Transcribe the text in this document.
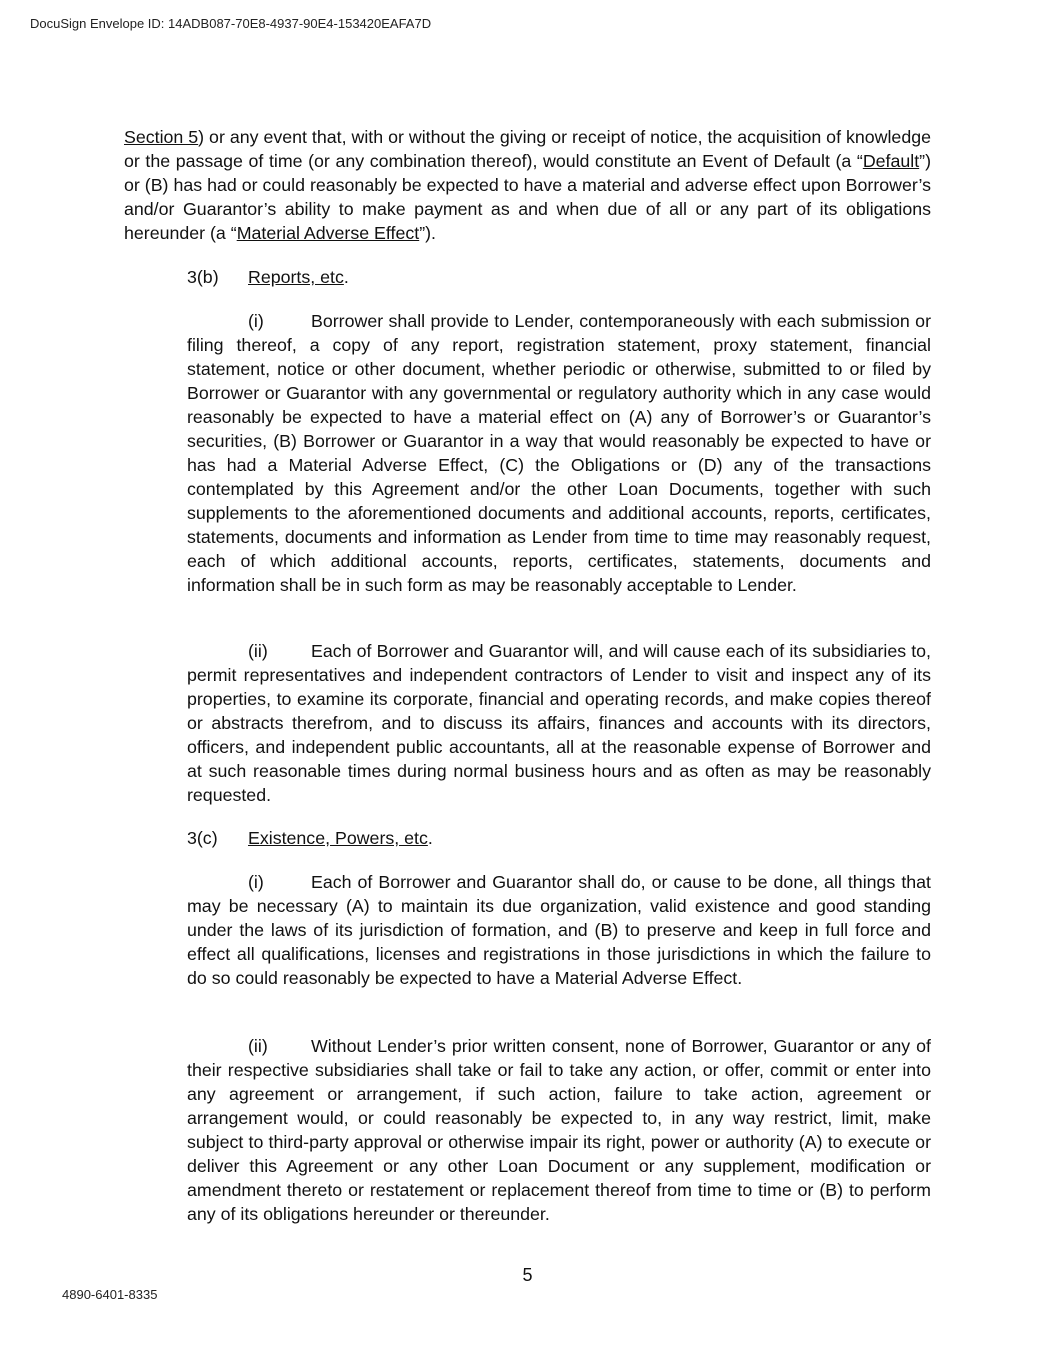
DocuSign Envelope ID: 14ADB087-70E8-4937-90E4-153420EAFA7D

Section 5) or any event that, with or without the giving or receipt of notice, the acquisition of knowledge or the passage of time (or any combination thereof), would constitute an Event of Default (a “Default”) or (B) has had or could reasonably be expected to have a material and adverse effect upon Borrower’s and/or Guarantor’s ability to make payment as and when due of all or any part of its obligations hereunder (a “Material Adverse Effect”).

3(b) Reports, etc.

(i)	Borrower shall provide to Lender, contemporaneously with each submission or filing thereof, a copy of any report, registration statement, proxy statement, financial statement, notice or other document, whether periodic or otherwise, submitted to or filed by Borrower or Guarantor with any governmental or regulatory authority which in any case would reasonably be expected to have a material effect on (A) any of Borrower’s or Guarantor’s securities, (B) Borrower or Guarantor in a way that would reasonably be expected to have or has had a Material Adverse Effect, (C) the Obligations or (D) any of the transactions contemplated by this Agreement and/or the other Loan Documents, together with such supplements to the aforementioned documents and additional accounts, reports, certificates, statements, documents and information as Lender from time to time may reasonably request, each of which additional accounts, reports, certificates, statements, documents and information shall be in such form as may be reasonably acceptable to Lender.

(ii) Each of Borrower and Guarantor will, and will cause each of its subsidiaries to, permit representatives and independent contractors of Lender to visit and inspect any of its properties, to examine its corporate, financial and operating records, and make copies thereof or abstracts therefrom, and to discuss its affairs, finances and accounts with its directors, officers, and independent public accountants, all at the reasonable expense of Borrower and at such reasonable times during normal business hours and as often as may be reasonably requested.

3(c) Existence, Powers, etc.

(i)	Each of Borrower and Guarantor shall do, or cause to be done, all things that may be necessary (A) to maintain its due organization, valid existence and good standing under the laws of its jurisdiction of formation, and (B) to preserve and keep in full force and effect all qualifications, licenses and registrations in those jurisdictions in which the failure to do so could reasonably be expected to have a Material Adverse Effect.

(ii) Without Lender’s prior written consent, none of Borrower, Guarantor or any of their respective subsidiaries shall take or fail to take any action, or offer, commit or enter into any agreement or arrangement, if such action, failure to take action, agreement or arrangement would, or could reasonably be expected to, in any way restrict, limit, make subject to third-party approval or otherwise impair its right, power or authority (A) to execute or deliver this Agreement or any other Loan Document or any supplement, modification or amendment thereto or restatement or replacement thereof from time to time or (B) to perform any of its obligations hereunder or thereunder.

5
4890-6401-8335
